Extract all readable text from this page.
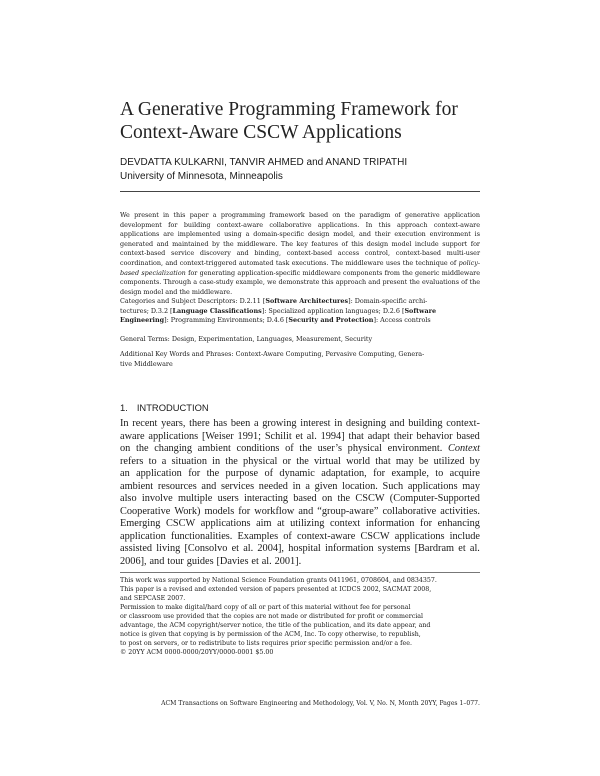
A Generative Programming Framework for
Context-Aware CSCW Applications
DEVDATTA KULKARNI, TANVIR AHMED and ANAND TRIPATHI
University of Minnesota, Minneapolis
We present in this paper a programming framework based on the paradigm of generative application development for building context-aware collaborative applications. In this approach context-aware applications are implemented using a domain-specific design model, and their execution environment is generated and maintained by the middleware. The key features of this design model include support for context-based service discovery and binding, context-based access control, context-based multi-user coordination, and context-triggered automated task executions. The middleware uses the technique of policy-based specialization for generating application-specific middleware components from the generic middleware components. Through a case-study example, we demonstrate this approach and present the evaluations of the design model and the middleware.
Categories and Subject Descriptors: D.2.11 [Software Architectures]: Domain-specific archi-
tectures; D.3.2 [Language Classifications]: Specialized application languages; D.2.6 [Software
Engineering]: Programming Environments; D.4.6 [Security and Protection]: Access controls
General Terms: Design, Experimentation, Languages, Measurement, Security
Additional Key Words and Phrases: Context-Aware Computing, Pervasive Computing, Genera-
tive Middleware
1. INTRODUCTION
In recent years, there has been a growing interest in designing and building context-
aware applications [Weiser 1991; Schilit et al. 1994] that adapt their behavior based
on the changing ambient conditions of the user’s physical environment. Context
refers to a situation in the physical or the virtual world that may be utilized by
an application for the purpose of dynamic adaptation, for example, to acquire
ambient resources and services needed in a given location. Such applications may
also involve multiple users interacting based on the CSCW (Computer-Supported
Cooperative Work) models for workflow and “group-aware” collaborative activities.
Emerging CSCW applications aim at utilizing context information for enhancing
application functionalities. Examples of context-aware CSCW applications include
assisted living [Consolvo et al. 2004], hospital information systems [Bardram et al.
2006], and tour guides [Davies et al. 2001].
This work was supported by National Science Foundation grants 0411961, 0708604, and 0834357.
This paper is a revised and extended version of papers presented at ICDCS 2002, SACMAT 2008,
and SEPCASE 2007.
Permission to make digital/hard copy of all or part of this material without fee for personal
or classroom use provided that the copies are not made or distributed for profit or commercial
advantage, the ACM copyright/server notice, the title of the publication, and its date appear, and
notice is given that copying is by permission of the ACM, Inc. To copy otherwise, to republish,
to post on servers, or to redistribute to lists requires prior specific permission and/or a fee.
© 20YY ACM 0000-0000/20YY/0000-0001 $5.00
ACM Transactions on Software Engineering and Methodology, Vol. V, No. N, Month 20YY, Pages 1–077.
